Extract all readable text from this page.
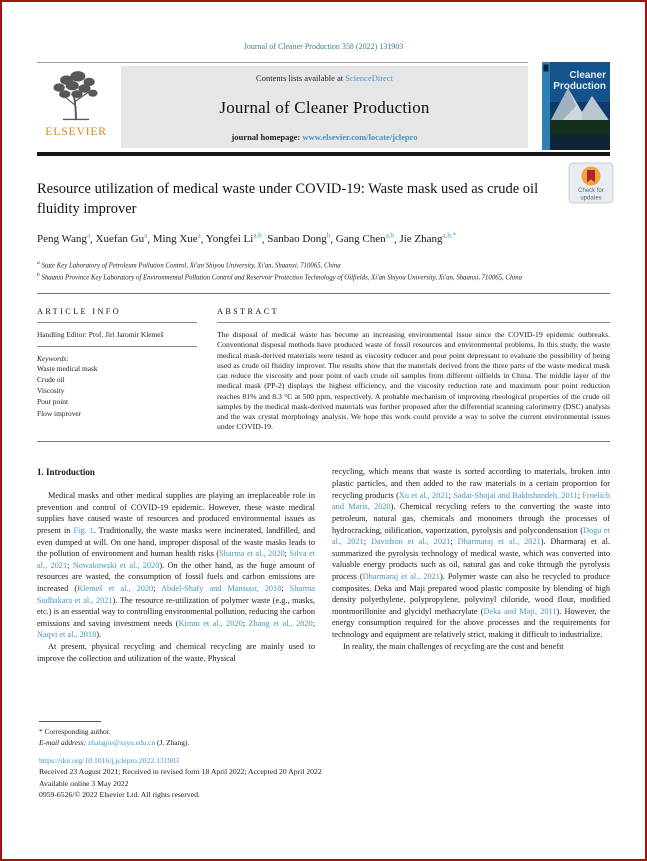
Journal of Cleaner Production 358 (2022) 131903
ELSEVIER
Contents lists available at ScienceDirect
Journal of Cleaner Production
journal homepage: www.elsevier.com/locate/jclepro
Cleaner
Production
Check for
updates
Resource utilization of medical waste under COVID-19: Waste mask used as crude oil fluidity improver
Peng Wang$^a$, Xuefan Gu$^a$, Ming Xue$^a$, Yongfei Li$^{a,b}$, Sanbao Dong$^b$, Gang Chen$^{a,b}$, Jie Zhang$^{a,b,*}$
$^a$ State Key Laboratory of Petroleum Pollution Control, Xi'an Shiyou University, Xi'an, Shaanxi, 710065, China
$^b$ Shaanxi Province Key Laboratory of Environmental Pollution Control and Reservoir Protection Technology of Oilfields, Xi'an Shiyou University, Xi'an, Shaanxi, 710065, China
ARTICLE INFO
Handling Editor: Prof. Jiri Jaromir Klemeš
Keywords:
Waste medical mask
Crude oil
Viscosity
Pour point
Flow improver
ABSTRACT

The disposal of medical waste has become an increasing environmental issue since the COVID-19 epidemic outbreaks. Conventional disposal methods have produced waste of fossil resources and environmental problems. In this study, the waste medical mask-derived materials were tested as viscosity reducer and pour point depressant to evaluate the possibility of being used as crude oil fluidity improver. The results show that the materials derived from the three parts of the waste medical mask can reduce the viscosity and pour point of each crude oil samples from different oilfields in China. The middle layer of the medical mask (PP-2) displays the highest efficiency, and the viscosity reduction rate and maximum pour point reduction reaches 81% and 8.3 °C at 500 ppm, respectively. A probable mechanism of improving rheological properties of the crude oil samples by the medical mask-derived materials was further proposed after the differential scanning calorimetry (DSC) analysis and the wax crystal morphology analysis. We hope this work could provide a way to solve the current environmental issues under COVID-19.

1. Introduction

Medical masks and other medical supplies are playing an irreplaceable role in prevention and control of COVID-19 epidemic. However, these waste medical supplies have caused waste of resources and produced environmental issues as present in Fig. 1. Traditionally, the waste masks were incinerated, landfilled, and even dumped at will. On one hand, improper disposal of the waste masks leads to the pollution of environment and human health risks (Sharma et al., 2020; Silva et al., 2021; Nowakowski et al., 2020). On the other hand, as the huge amount of resources are wasted, the consumption of fossil fuels and carbon emissions are increased (Klemeš et al., 2020; Abdel-Shafy and Mansour, 2018; Sharma Sudhakara et al., 2021). The resource re-utilization of polymer waste (e.g., masks, etc.) is an essential way to controlling environmental pollution, reducing the carbon emissions and saving investment needs (Kimm et al., 2020; Zhang et al., 2020; Naqvi et al., 2018).

At present, physical recycling and chemical recycling are mainly used to improve the collection and utilization of the waste. Physical

recycling, which means that waste is sorted according to materials, broken into plastic particles, and then added to the raw materials in a certain proportion for recycling products (Xu et al., 2021; Sadat-Shojai and Bakhshandeh, 2011; Froelich and Maris, 2020). Chemical recycling refers to the converting the waste into petroleum, natural gas, chemicals and monomers through the processes of hydrocracking, oilification, vaporization, pyrolysis and polycondensation (Dogu et al., 2021; Davidson et al., 2021; Dharmaraj et al., 2021). Dharmaraj et al. summarized the pyrolysis technology of medical waste, which was converted into valuable energy products such as oil, natural gas and coke through the pyrolysis process (Dharmaraj et al., 2021). Polymer waste can also be recycled to produce composites. Deka and Maji prepared wood plastic composite by blending of high density polyethylene, polypropylene, polyvinyl chloride, wood flour, modified montmorillonite and glycidyl methacrylate (Deka and Maji, 2011). However, the energy consumption required for the above processes and the requirements for technology and equipment are relatively strict, making it difficult to industrialize.

In reality, the main challenges of recycling are the cost and benefit

* Corresponding author.
E-mail address: zhangjie@xsyu.edu.cn (J. Zhang).
https://doi.org/10.1016/j.jclepro.2022.131903
Received 23 August 2021; Received in revised form 18 April 2022; Accepted 20 April 2022
Available online 3 May 2022
0959-6526/© 2022 Elsevier Ltd. All rights reserved.
